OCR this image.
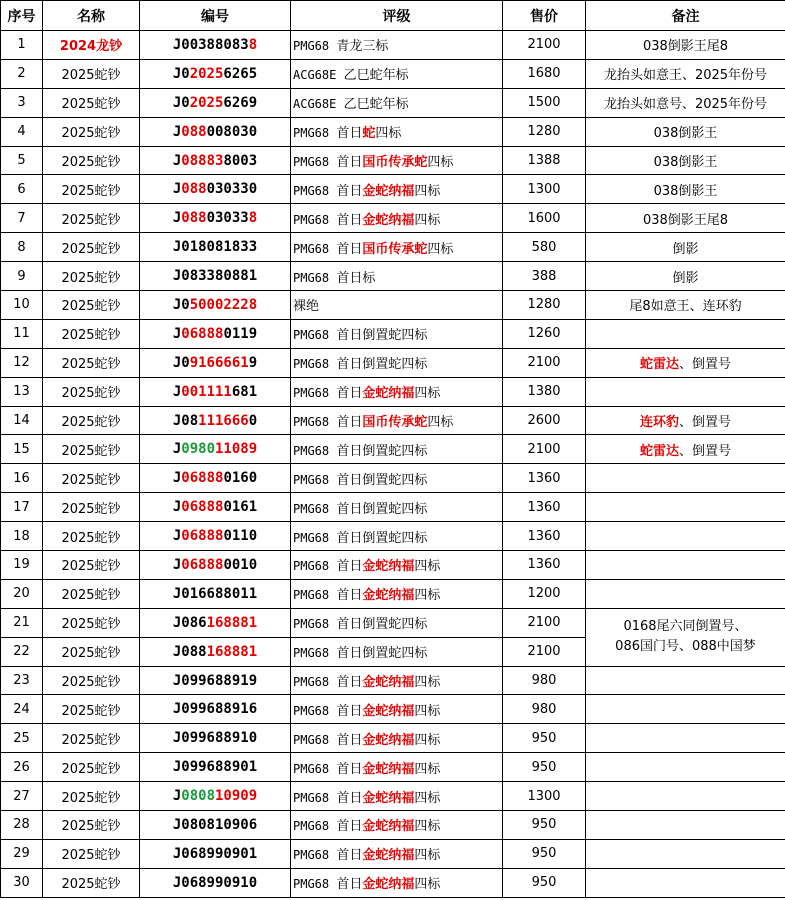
序号	名称	编号	评级	售价	备注
1	2024龙钞	J003880838	PMG68 青龙三标	2100	038倒影王尾8
2	2025蛇钞	J020256265	ACG68E 乙巳蛇年标	1680	龙抬头如意王、2025年份号
3	2025蛇钞	J020256269	ACG68E 乙巳蛇年标	1500	龙抬头如意号、2025年份号
4	2025蛇钞	J088008030	PMG68 首日蛇四标	1280	038倒影王
5	2025蛇钞	J088838003	PMG68 首日国币传承蛇四标	1388	038倒影王
6	2025蛇钞	J088030330	PMG68 首日金蛇纳福四标	1300	038倒影王
7	2025蛇钞	J088030338	PMG68 首日金蛇纳福四标	1600	038倒影王尾8
8	2025蛇钞	J018081833	PMG68 首日国币传承蛇四标	580	倒影
9	2025蛇钞	J083380881	PMG68 首日标	388	倒影
10	2025蛇钞	J050002228	裸绝	1280	尾8如意王、连环豹
11	2025蛇钞	J068880119	PMG68 首日倒置蛇四标	1260	
12	2025蛇钞	J091666619	PMG68 首日倒置蛇四标	2100	蛇雷达、倒置号
13	2025蛇钞	J001111681	PMG68 首日金蛇纳福四标	1380	
14	2025蛇钞	J081116660	PMG68 首日国币传承蛇四标	2600	连环豹、倒置号
15	2025蛇钞	J098011089	PMG68 首日倒置蛇四标	2100	蛇雷达、倒置号
16	2025蛇钞	J068880160	PMG68 首日倒置蛇四标	1360	
17	2025蛇钞	J068880161	PMG68 首日倒置蛇四标	1360	
18	2025蛇钞	J068880110	PMG68 首日倒置蛇四标	1360	
19	2025蛇钞	J068880010	PMG68 首日金蛇纳福四标	1360	
20	2025蛇钞	J016688011	PMG68 首日金蛇纳福四标	1200	
21	2025蛇钞	J086168881	PMG68 首日倒置蛇四标	2100	0168尾六同倒置号、
086国门号、088中国梦
22	2025蛇钞	J088168881	PMG68 首日倒置蛇四标	2100	
23	2025蛇钞	J099688919	PMG68 首日金蛇纳福四标	980	
24	2025蛇钞	J099688916	PMG68 首日金蛇纳福四标	980	
25	2025蛇钞	J099688910	PMG68 首日金蛇纳福四标	950	
26	2025蛇钞	J099688901	PMG68 首日金蛇纳福四标	950	
27	2025蛇钞	J080810909	PMG68 首日金蛇纳福四标	1300	
28	2025蛇钞	J080810906	PMG68 首日金蛇纳福四标	950	
29	2025蛇钞	J068990901	PMG68 首日金蛇纳福四标	950	
30	2025蛇钞	J068990910	PMG68 首日金蛇纳福四标	950	
